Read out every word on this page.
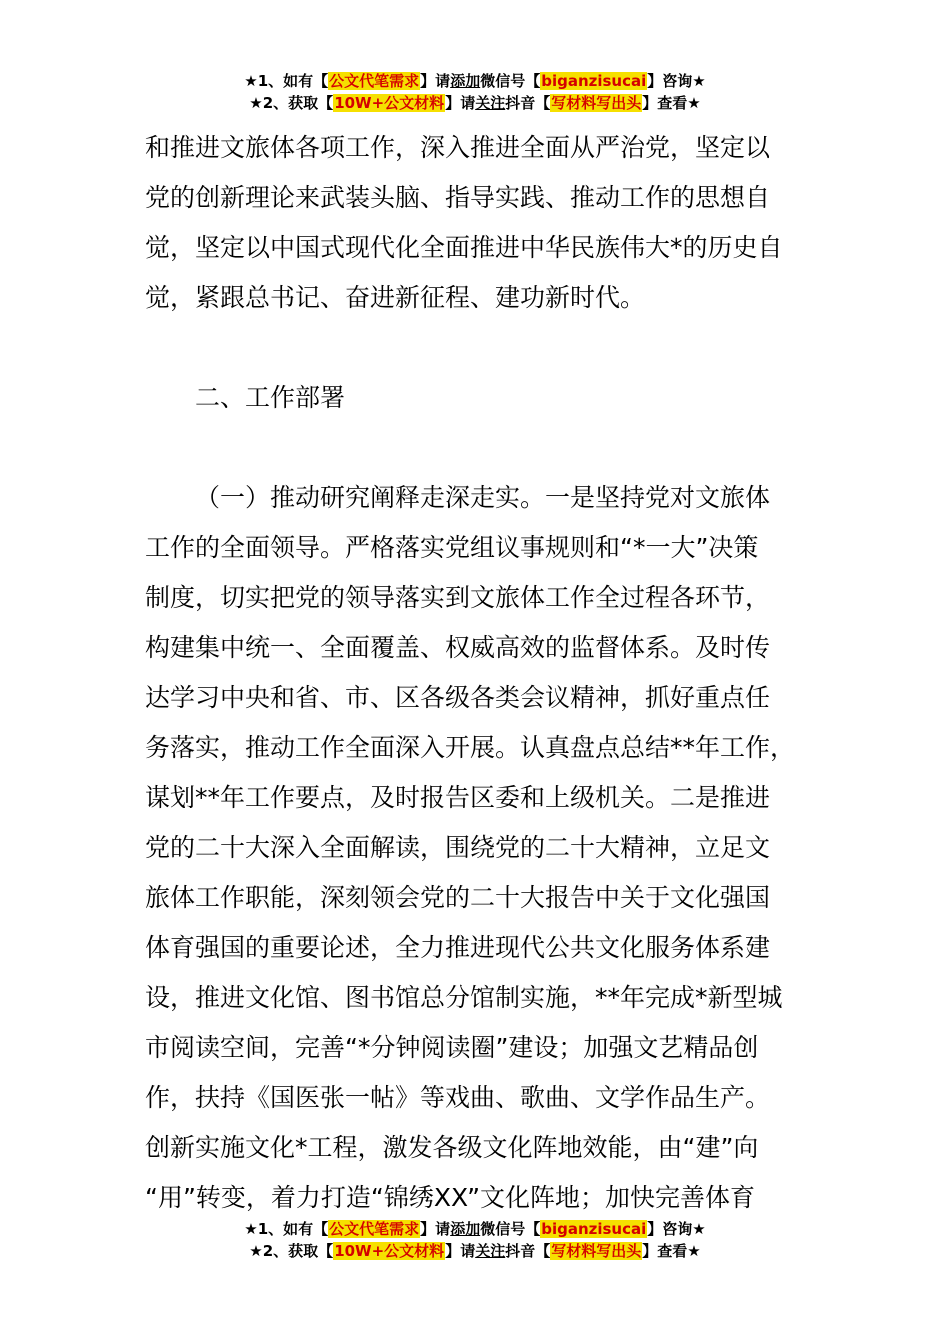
★1、如有【公文代笔需求】请添加微信号【biganzisucai】咨询★
★2、获取【10W+公文材料】请关注抖音【写材料写出头】查看★
和推进文旅体各项工作，深入推进全面从严治党，坚定以
党的创新理论来武装头脑、指导实践、推动工作的思想自
觉，坚定以中国式现代化全面推进中华民族伟大*的历史自
觉，紧跟总书记、奋进新征程、建功新时代。
二、工作部署
（一）推动研究阐释走深走实。一是坚持党对文旅体
工作的全面领导。严格落实党组议事规则和“*一大”决策
制度，切实把党的领导落实到文旅体工作全过程各环节，
构建集中统一、全面覆盖、权威高效的监督体系。及时传
达学习中央和省、市、区各级各类会议精神，抓好重点任
务落实，推动工作全面深入开展。认真盘点总结**年工作，
谋划**年工作要点，及时报告区委和上级机关。二是推进
党的二十大深入全面解读，围绕党的二十大精神，立足文
旅体工作职能，深刻领会党的二十大报告中关于文化强国
体育强国的重要论述，全力推进现代公共文化服务体系建
设，推进文化馆、图书馆总分馆制实施，**年完成*新型城
市阅读空间，完善“*分钟阅读圈”建设；加强文艺精品创
作，扶持《国医张一帖》等戏曲、歌曲、文学作品生产。
创新实施文化*工程，激发各级文化阵地效能，由“建”向
“用”转变，着力打造“锦绣XX”文化阵地；加快完善体育
★1、如有【公文代笔需求】请添加微信号【biganzisucai】咨询★
★2、获取【10W+公文材料】请关注抖音【写材料写出头】查看★
